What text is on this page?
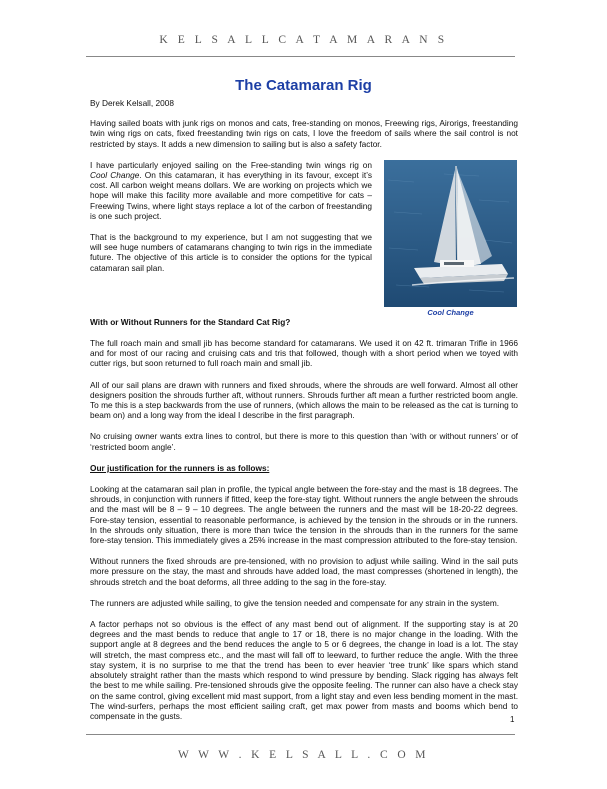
K E L S A L L C A T A M A R A N S
The Catamaran Rig

By Derek Kelsall, 2008

Having sailed boats with junk rigs on monos and cats, free-standing on monos, Freewing rigs, Airorigs, freestanding twin wing rigs on cats, fixed freestanding twin rigs on cats, I love the freedom of sails where the sail control is not restricted by stays. It adds a new dimension to sailing but is also a safety factor.

I have particularly enjoyed sailing on the Free-standing twin wings rig on Cool Change. On this catamaran, it has everything in its favour, except it’s cost. All carbon weight means dollars. We are working on projects which we hope will make this facility more available and more competitive for cats – Freewing Twins, where light stays replace a lot of the carbon of freestanding is one such project.

That is the background to my experience, but I am not suggesting that we will see huge numbers of catamarans changing to twin rigs in the immediate future. The objective of this article is to consider the options for the typical catamaran sail plan.

Cool Change

With or Without Runners for the Standard Cat Rig?

The full roach main and small jib has become standard for catamarans. We used it on 42 ft. trimaran Trifle in 1966 and for most of our racing and cruising cats and tris that followed, though with a short period when we toyed with cutter rigs, but soon returned to full roach main and small jib.

All of our sail plans are drawn with runners and fixed shrouds, where the shrouds are well forward. Almost all other designers position the shrouds further aft, without runners. Shrouds further aft mean a further restricted boom angle. To me this is a step backwards from the use of runners, (which allows the main to be released as the cat is turning to beam on) and a long way from the ideal I describe in the first paragraph.

No cruising owner wants extra lines to control, but there is more to this question than ‘with or without runners’ or of ‘restricted boom angle’.

Our justification for the runners is as follows:

Looking at the catamaran sail plan in profile, the typical angle between the fore-stay and the mast is 18 degrees. The shrouds, in conjunction with runners if fitted, keep the fore-stay tight. Without runners the angle between the shrouds and the mast will be 8 – 9 – 10 degrees. The angle between the runners and the mast will be 18-20-22 degrees. Fore-stay tension, essential to reasonable performance, is achieved by the tension in the shrouds or in the runners. In the shrouds only situation, there is more than twice the tension in the shrouds than in the runners for the same fore-stay tension. This immediately gives a 25% increase in the mast compression attributed to the fore-stay tension.

Without runners the fixed shrouds are pre-tensioned, with no provision to adjust while sailing. Wind in the sail puts more pressure on the stay, the mast and shrouds have added load, the mast compresses (shortened in length), the shrouds stretch and the boat deforms, all three adding to the sag in the fore-stay.

The runners are adjusted while sailing, to give the tension needed and compensate for any strain in the system.

A factor perhaps not so obvious is the effect of any mast bend out of alignment. If the supporting stay is at 20 degrees and the mast bends to reduce that angle to 17 or 18, there is no major change in the loading. With the support angle at 8 degrees and the bend reduces the angle to 5 or 6 degrees, the change in load is a lot. The stay will stretch, the mast compress etc., and the mast will fall off to leeward, to further reduce the angle. With the three stay system, it is no surprise to me that the trend has been to ever heavier ‘tree trunk’ like spars which stand absolutely straight rather than the masts which respond to wind pressure by bending. Slack rigging has always felt the best to me while sailing. Pre-tensioned shrouds give the opposite feeling. The runner can also have a check stay on the same control, giving excellent mid mast support, from a light stay and even less bending moment in the mast. The wind-surfers, perhaps the most efficient sailing craft, get max power from masts and booms which bend to compensate in the gusts.	1
W W W . K E L S A L L . C O M
